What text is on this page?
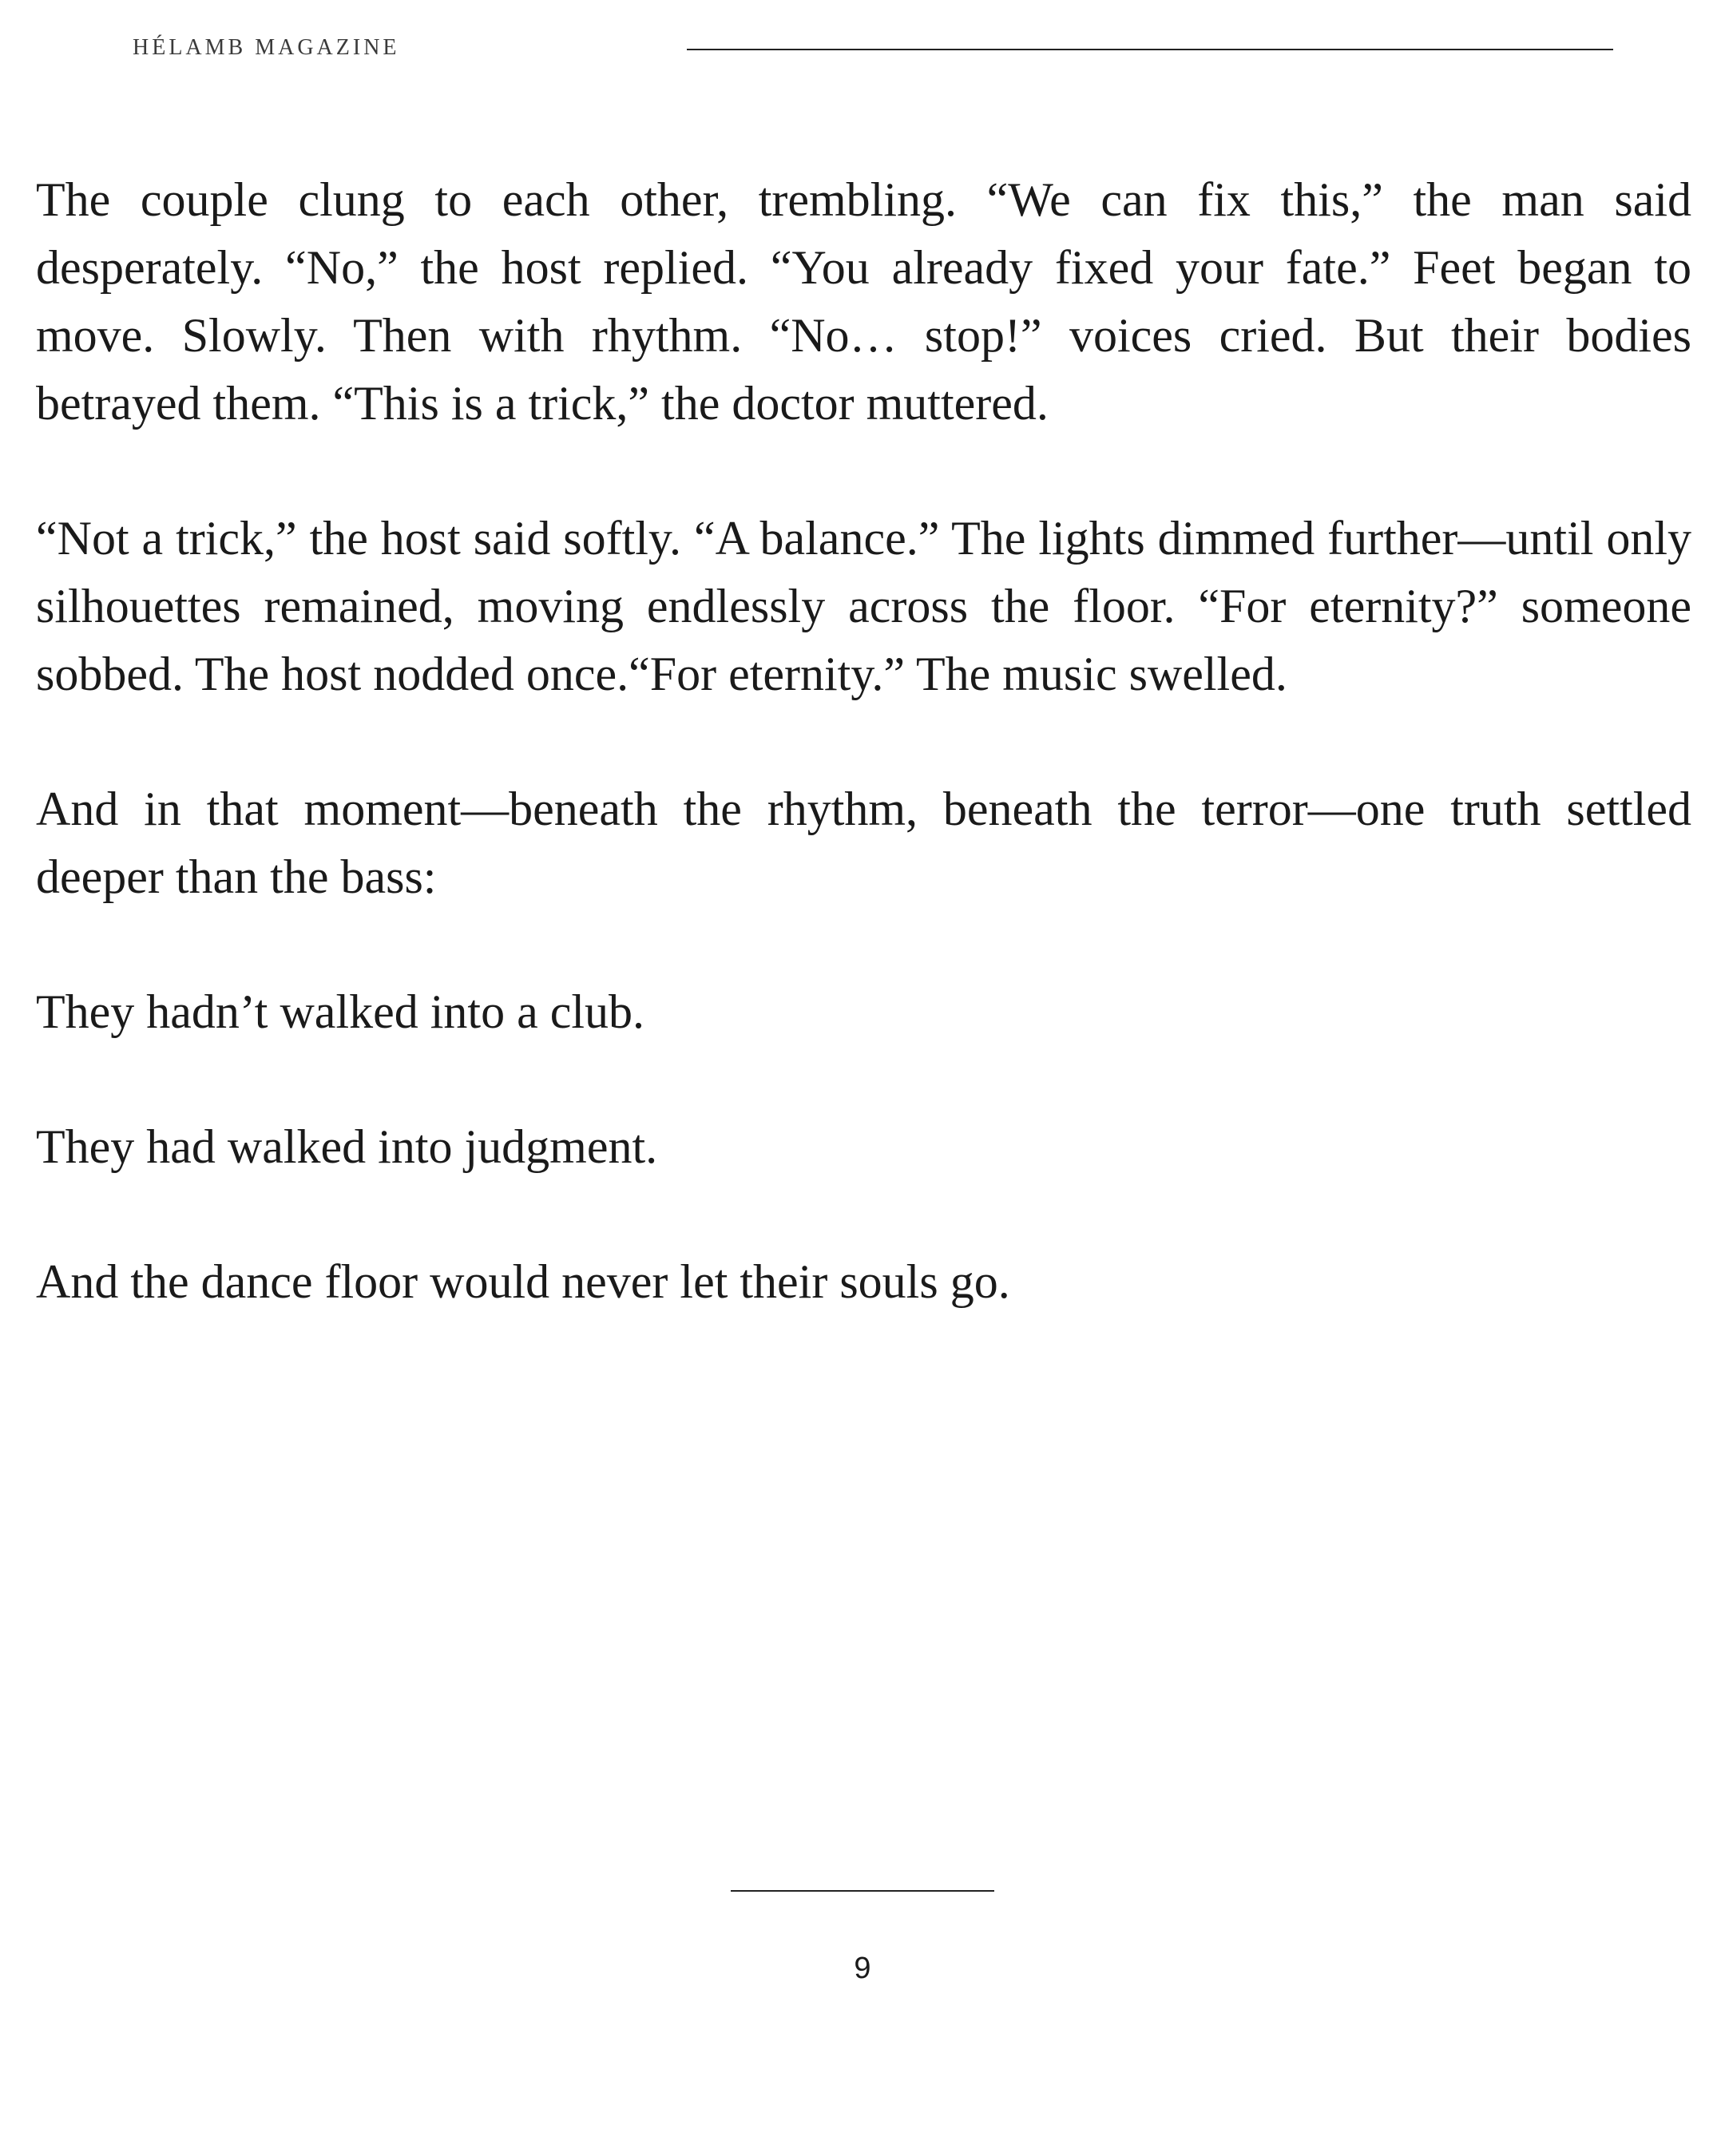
HÉLAMB MAGAZINE

The couple clung to each other, trembling. “We can fix this,” the man said desperately. “No,” the host replied. “You already fixed your fate.” Feet began to move. Slowly. Then with rhythm. “No… stop!” voices cried. But their bodies betrayed them. “This is a trick,” the doctor muttered.

“Not a trick,” the host said softly. “A balance.” The lights dimmed further—until only silhouettes remained, moving endlessly across the floor. “For eternity?” someone sobbed. The host nodded once.“For eternity.” The music swelled.

And in that moment—beneath the rhythm, beneath the terror—one truth settled deeper than the bass:

They hadn’t walked into a club.

They had walked into judgment.

And the dance floor would never let their souls go.

9
